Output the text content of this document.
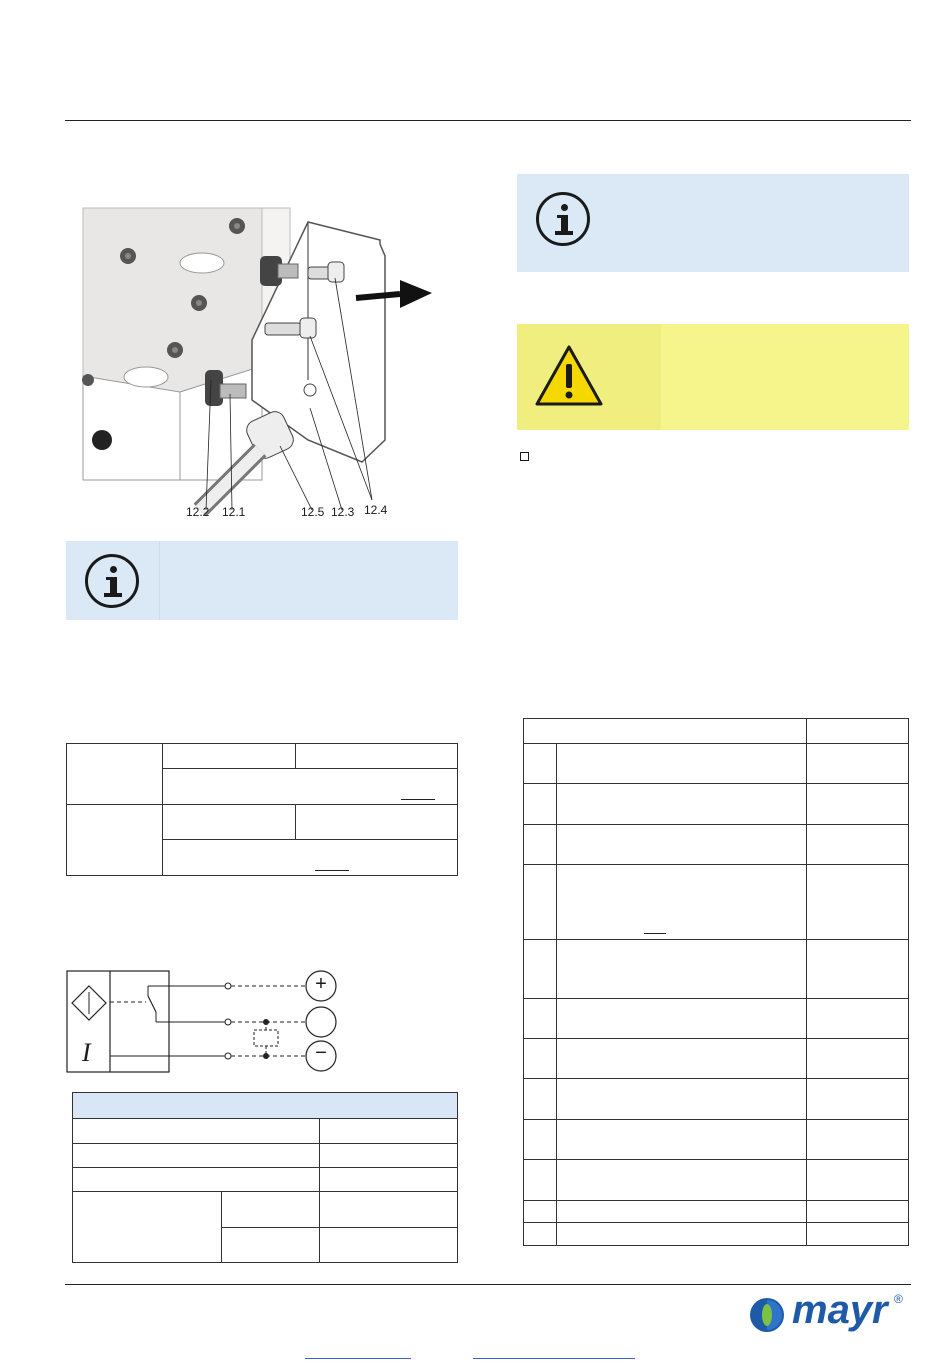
12.2 12.1	12.5 12.3 12.4

+
−
I

mayr ®
